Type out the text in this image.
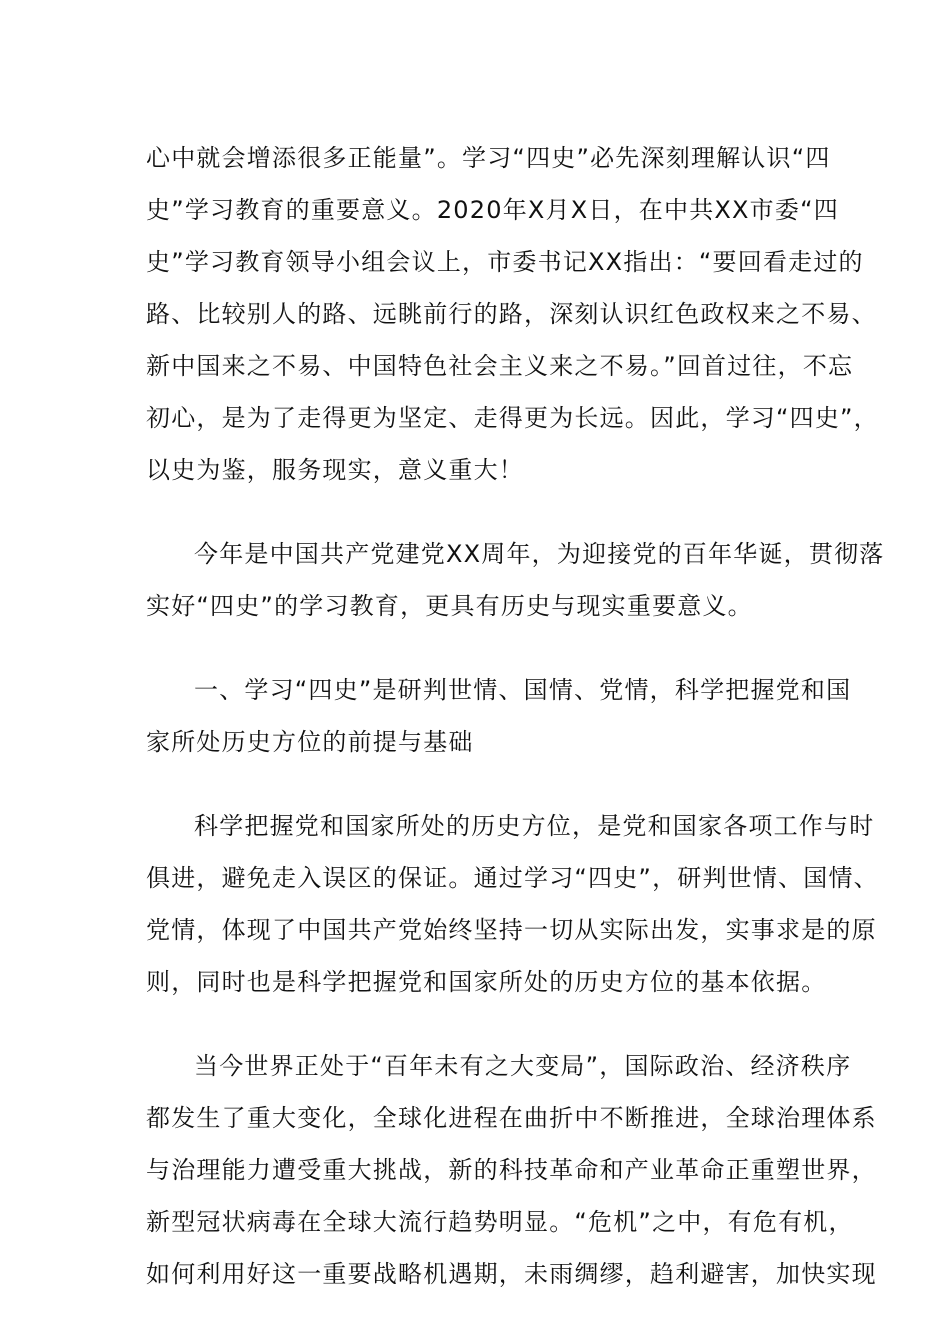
心中就会增添很多正能量”。学习“四史”必先深刻理解认识“四
史”学习教育的重要意义。2020年X月X日，在中共XX市委“四
史”学习教育领导小组会议上，市委书记XX指出：“要回看走过的
路、比较别人的路、远眺前行的路，深刻认识红色政权来之不易、
新中国来之不易、中国特色社会主义来之不易。”回首过往，不忘
初心，是为了走得更为坚定、走得更为长远。因此，学习“四史”，
以史为鉴，服务现实，意义重大！
今年是中国共产党建党XX周年，为迎接党的百年华诞，贯彻落
实好“四史”的学习教育，更具有历史与现实重要意义。
一、学习“四史”是研判世情、国情、党情，科学把握党和国
家所处历史方位的前提与基础
科学把握党和国家所处的历史方位，是党和国家各项工作与时
俱进，避免走入误区的保证。通过学习“四史”，研判世情、国情、
党情，体现了中国共产党始终坚持一切从实际出发，实事求是的原
则，同时也是科学把握党和国家所处的历史方位的基本依据。
当今世界正处于“百年未有之大变局”，国际政治、经济秩序
都发生了重大变化，全球化进程在曲折中不断推进，全球治理体系
与治理能力遭受重大挑战，新的科技革命和产业革命正重塑世界，
新型冠状病毒在全球大流行趋势明显。“危机”之中，有危有机，
如何利用好这一重要战略机遇期，未雨绸缪，趋利避害，加快实现
